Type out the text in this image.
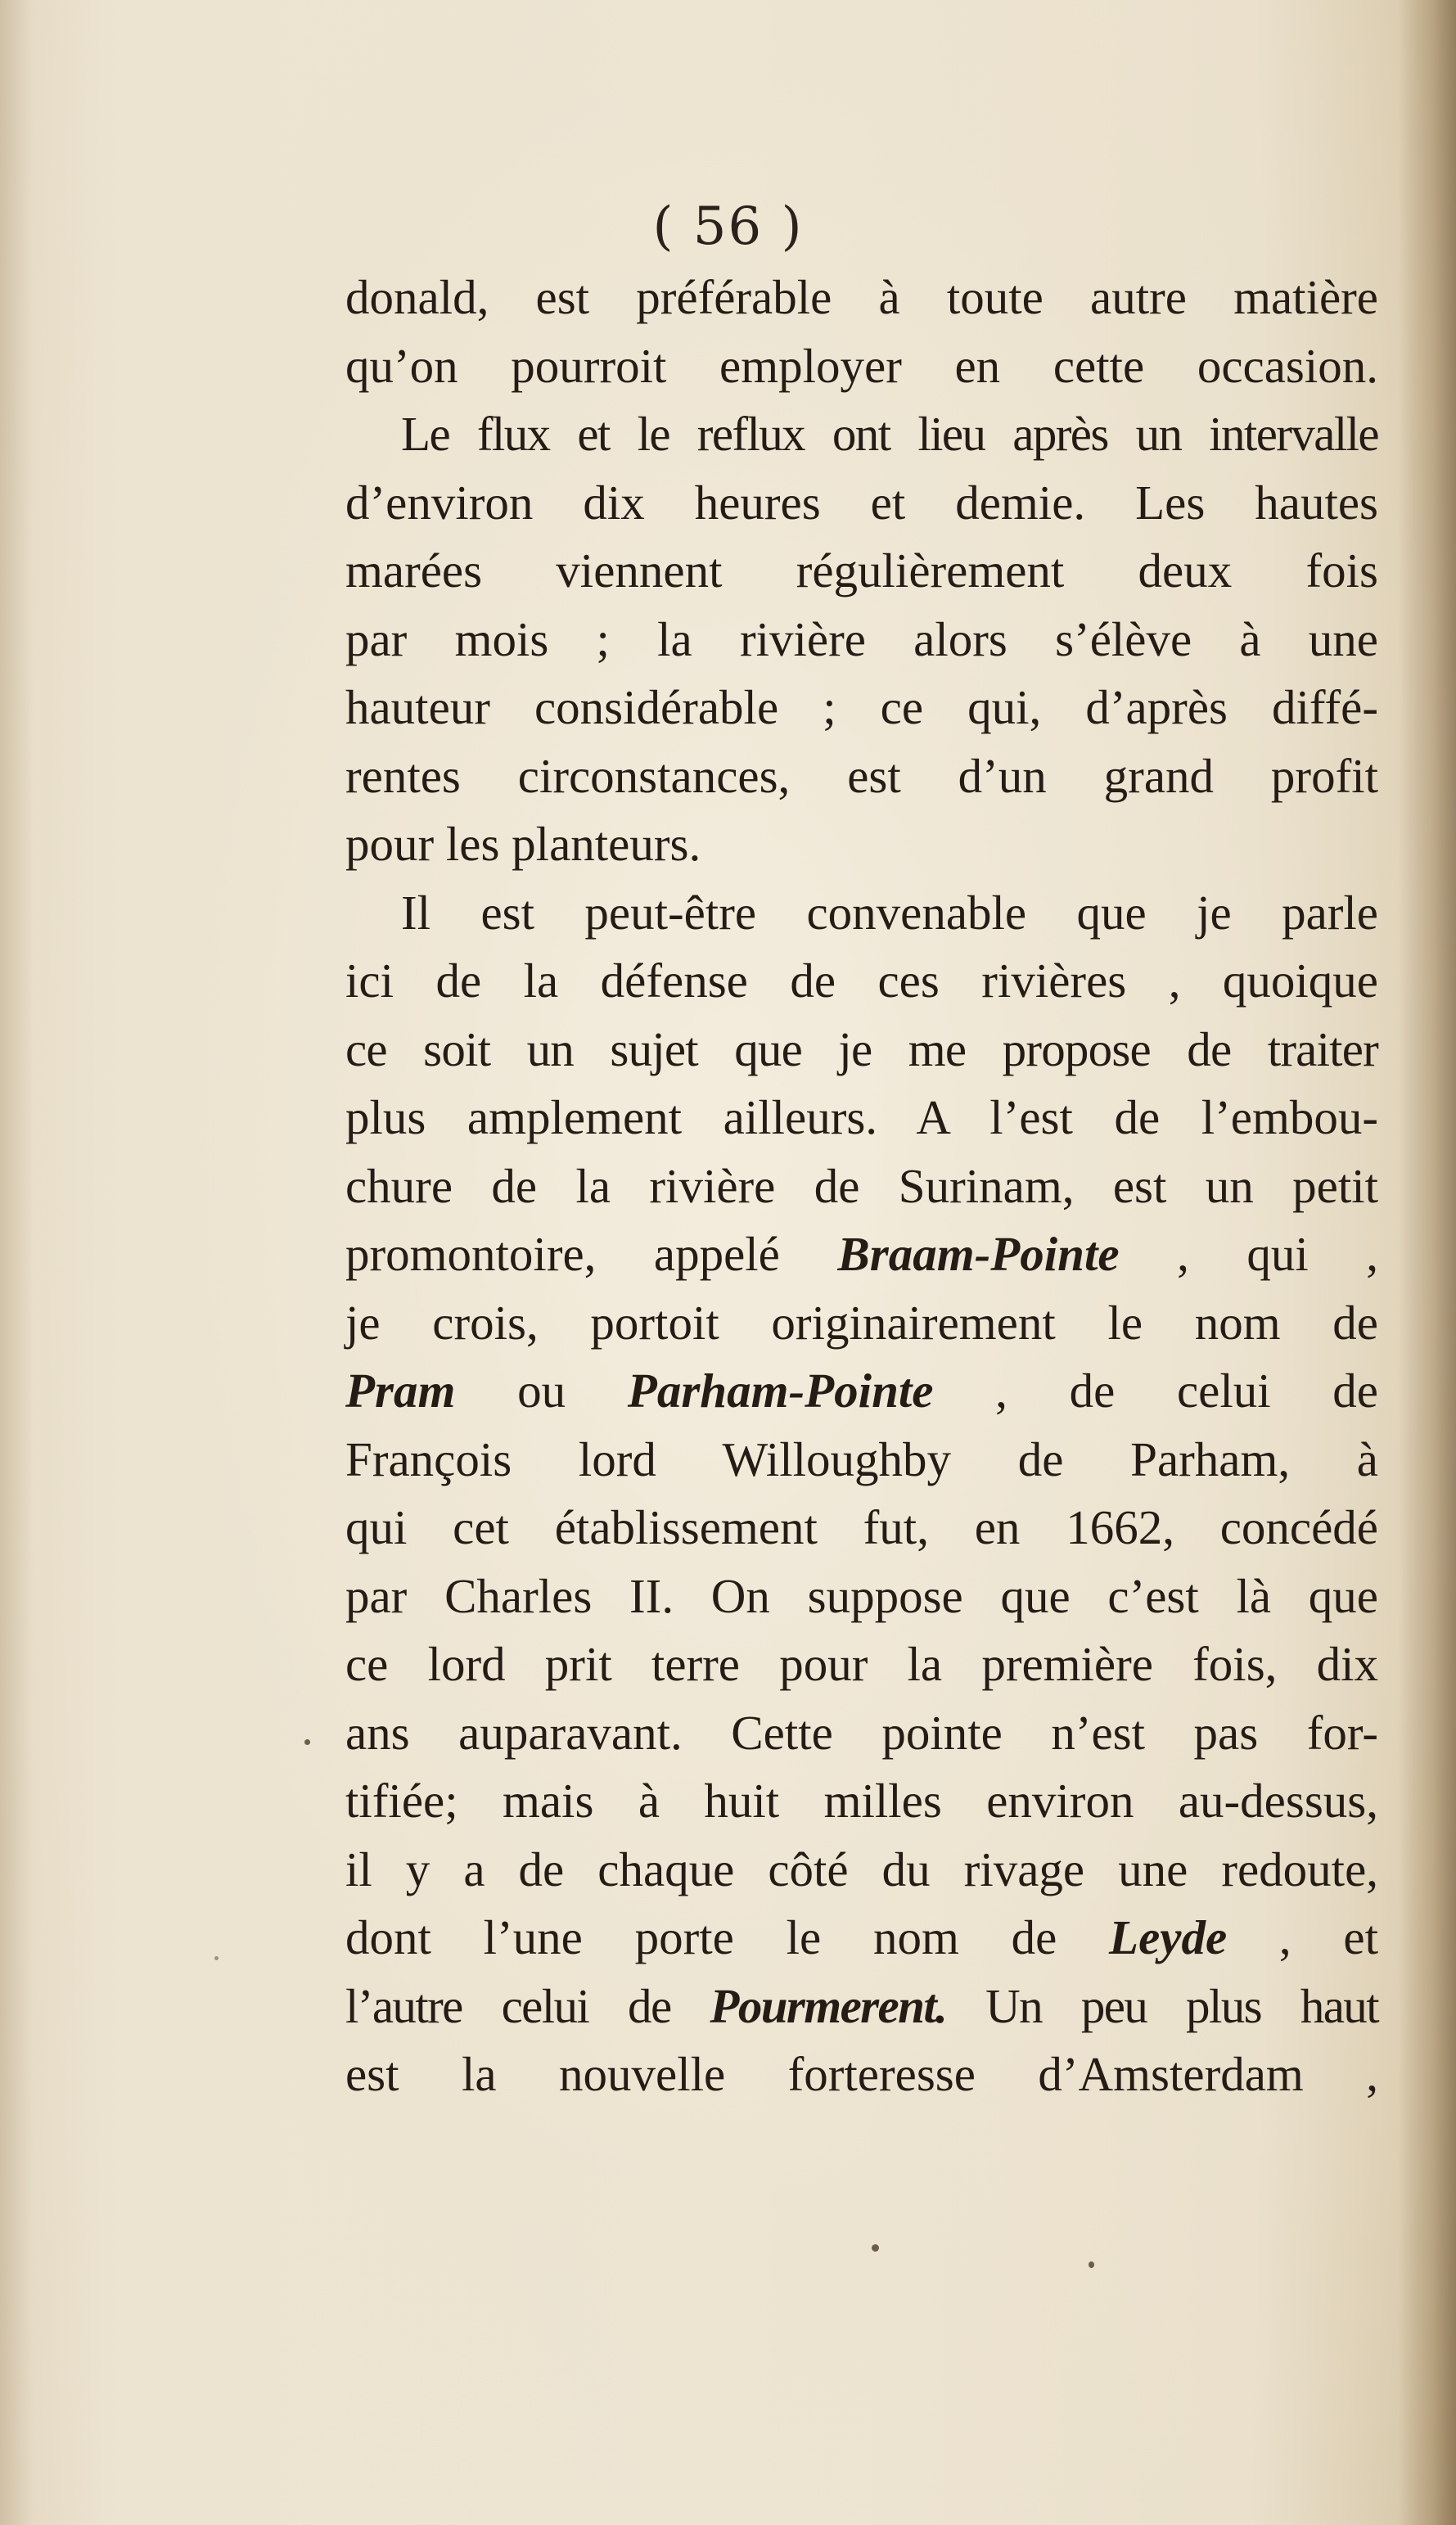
( 56 )
donald, est préférable à toute autre matière
qu’on pourroit employer en cette occasion.
Le flux et le reflux ont lieu après un intervalle
d’environ dix heures et demie. Les hautes
marées viennent régulièrement deux fois
par mois ; la rivière alors s’élève à une
hauteur considérable ; ce qui, d’après diffé-
rentes circonstances, est d’un grand profit
pour les planteurs.
Il est peut-être convenable que je parle
ici de la défense de ces rivières , quoique
ce soit un sujet que je me propose de traiter
plus amplement ailleurs. A l’est de l’embou-
chure de la rivière de Surinam, est un petit
promontoire, appelé Braam-Pointe , qui ,
je crois, portoit originairement le nom de
Pram ou Parham-Pointe , de celui de
François lord Willoughby de Parham, à
qui cet établissement fut, en 1662, concédé
par Charles II. On suppose que c’est là que
ce lord prit terre pour la première fois, dix
ans auparavant. Cette pointe n’est pas for-
tifiée; mais à huit milles environ au-dessus,
il y a de chaque côté du rivage une redoute,
dont l’une porte le nom de Leyde , et
l’autre celui de Pourmerent. Un peu plus haut
est la nouvelle forteresse d’Amsterdam ,
